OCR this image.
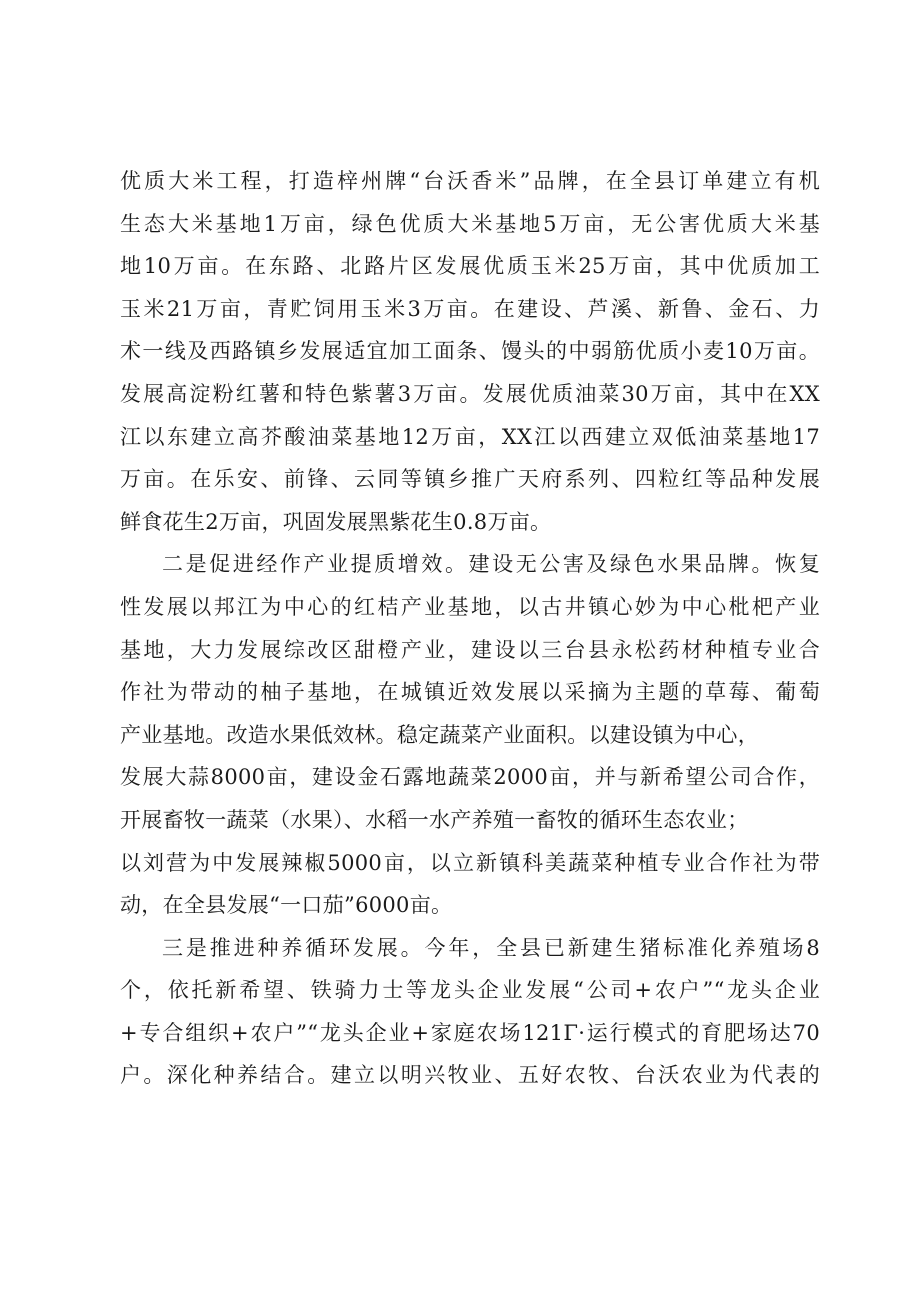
优质大米工程，打造梓州牌“台沃香米”品牌，在全县订单建立有机
生态大米基地1万亩，绿色优质大米基地5万亩，无公害优质大米基
地10万亩。在东路、北路片区发展优质玉米25万亩，其中优质加工
玉米21万亩，青贮饲用玉米3万亩。在建设、芦溪、新鲁、金石、力
术一线及西路镇乡发展适宜加工面条、馒头的中弱筋优质小麦10万亩。
发展高淀粉红薯和特色紫薯3万亩。发展优质油菜30万亩，其中在XX
江以东建立高芥酸油菜基地12万亩，XX江以西建立双低油菜基地17
万亩。在乐安、前锋、云同等镇乡推广天府系列、四粒红等品种发展
鲜食花生2万亩，巩固发展黑紫花生0.8万亩。

二是促进经作产业提质增效。建设无公害及绿色水果品牌。恢复
性发展以邦江为中心的红桔产业基地，以古井镇心妙为中心枇杷产业
基地，大力发展综改区甜橙产业，建设以三台县永松药材种植专业合
作社为带动的柚子基地，在城镇近效发展以采摘为主题的草莓、葡萄
产业基地。改造水果低效林。稳定蔬菜产业面积。以建设镇为中心，
发展大蒜8000亩，建设金石露地蔬菜2000亩，并与新希望公司合作，
开展畜牧一蔬菜（水果）、水稻一水产养殖一畜牧的循环生态农业；
以刘营为中发展辣椒5000亩，以立新镇科美蔬菜种植专业合作社为带
动，在全县发展“一口茄”6000亩。

三是推进种养循环发展。今年，全县已新建生猪标准化养殖场8
个，依托新希望、铁骑力士等龙头企业发展“公司+农户”“龙头企业
+专合组织+农户”“龙头企业+家庭农场121Γ·运行模式的育肥场达70
户。深化种养结合。建立以明兴牧业、五好农牧、台沃农业为代表的
